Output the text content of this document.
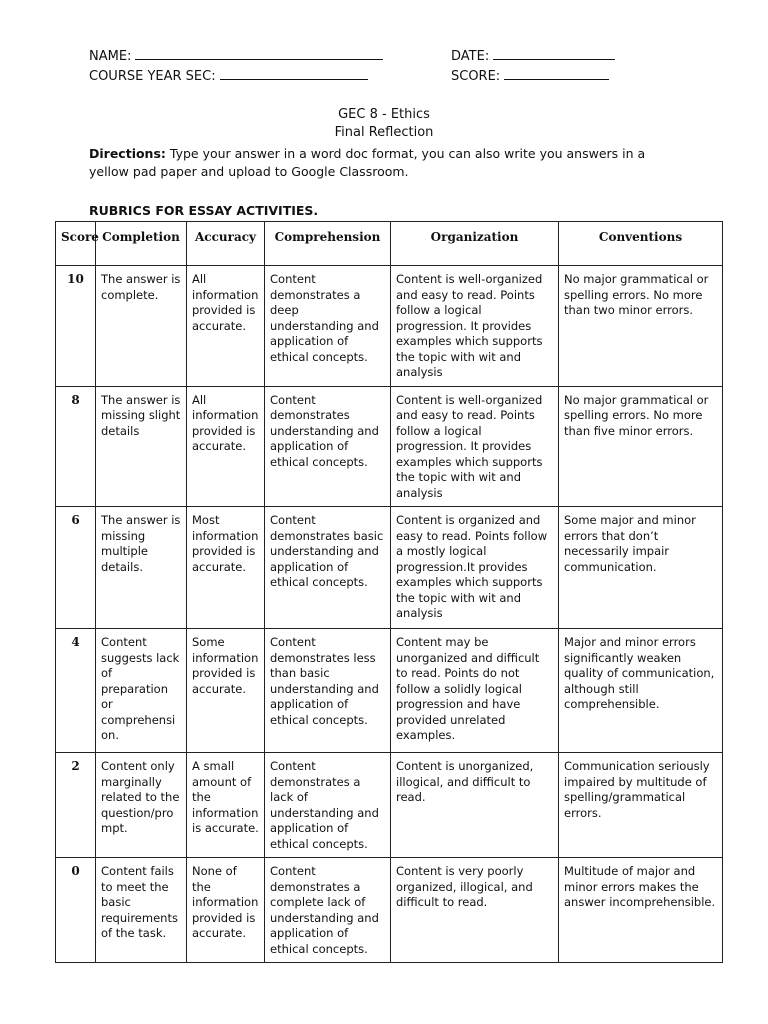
NAME:	DATE:
COURSE YEAR SEC:	SCORE:
GEC 8 - Ethics
Final Reflection
Directions: Type your answer in a word doc format, you can also write you answers in a yellow pad paper and upload to Google Classroom.
RUBRICS FOR ESSAY ACTIVITIES.
Score	Completion	Accuracy	Comprehension	Organization	Conventions
10	The answer is complete.	All information provided is accurate.	Content demonstrates a deep understanding and application of ethical concepts.	Content is well-organized and easy to read. Points follow a logical progression. It provides examples which supports the topic with wit and analysis	No major grammatical or spelling errors. No more than two minor errors.
8	The answer is missing slight details	All information provided is accurate.	Content demonstrates understanding and application of ethical concepts.	Content is well-organized and easy to read. Points follow a logical progression. It provides examples which supports the topic with wit and analysis	No major grammatical or spelling errors. No more than five minor errors.
6	The answer is missing multiple details.	Most information provided is accurate.	Content demonstrates basic understanding and application of ethical concepts.	Content is organized and easy to read. Points follow a mostly logical progression.It provides examples which supports the topic with wit and analysis	Some major and minor errors that don’t necessarily impair communication.
4	Content suggests lack of preparation or comprehension.	Some information provided is accurate.	Content demonstrates less than basic understanding and application of ethical concepts.	Content may be unorganized and difficult to read. Points do not follow a solidly logical progression and have provided unrelated examples.	Major and minor errors significantly weaken quality of communication, although still comprehensible.
2	Content only marginally related to the question/prompt.	A small amount of the information is accurate.	Content demonstrates a lack of understanding and application of ethical concepts.	Content is unorganized, illogical, and difficult to read.	Communication seriously impaired by multitude of spelling/grammatical errors.
0	Content fails to meet the basic requirements of the task.	None of the information provided is accurate.	Content demonstrates a complete lack of understanding and application of ethical concepts.	Content is very poorly organized, illogical, and difficult to read.	Multitude of major and minor errors makes the answer incomprehensible.
